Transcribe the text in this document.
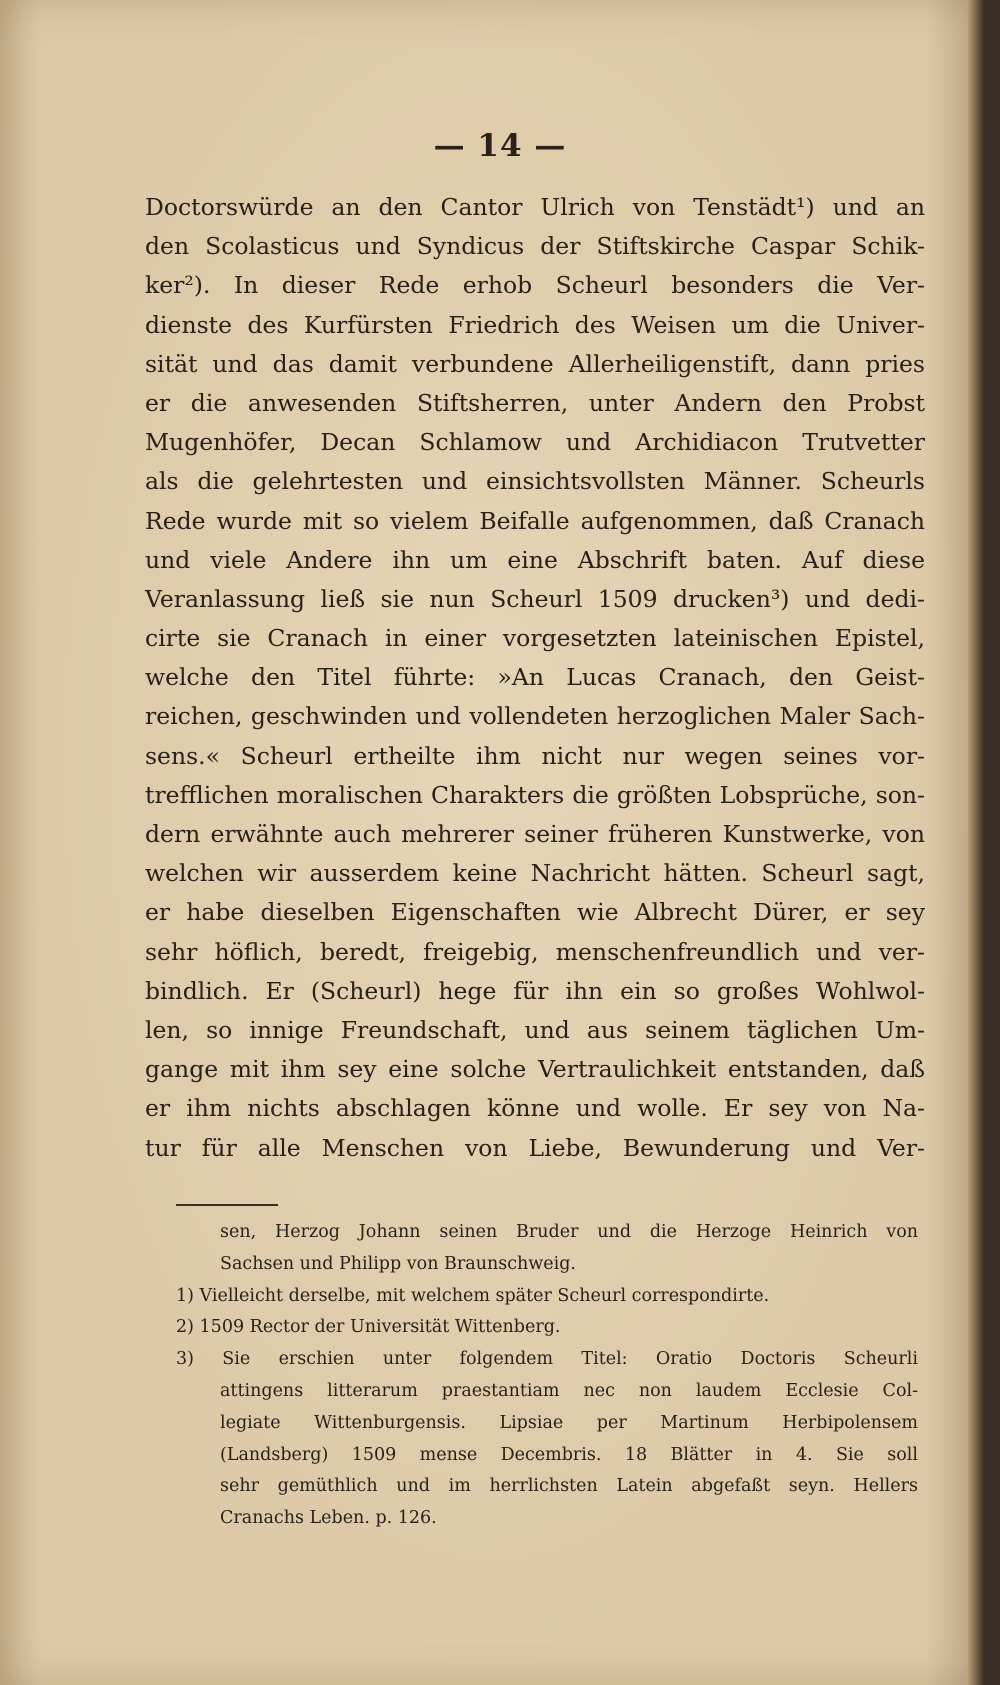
— 14 —
Doctorswürde an den Cantor Ulrich von Tenstädt¹) und an
den Scolasticus und Syndicus der Stiftskirche Caspar Schik-
ker²). In dieser Rede erhob Scheurl besonders die Ver-
dienste des Kurfürsten Friedrich des Weisen um die Univer-
sität und das damit verbundene Allerheiligenstift, dann pries
er die anwesenden Stiftsherren, unter Andern den Probst
Mugenhöfer, Decan Schlamow und Archidiacon Trutvetter
als die gelehrtesten und einsichtsvollsten Männer. Scheurls
Rede wurde mit so vielem Beifalle aufgenommen, daß Cranach
und viele Andere ihn um eine Abschrift baten. Auf diese
Veranlassung ließ sie nun Scheurl 1509 drucken³) und dedi-
cirte sie Cranach in einer vorgesetzten lateinischen Epistel,
welche den Titel führte: »An Lucas Cranach, den Geist-
reichen, geschwinden und vollendeten herzoglichen Maler Sach-
sens.« Scheurl ertheilte ihm nicht nur wegen seines vor-
trefflichen moralischen Charakters die größten Lobsprüche, son-
dern erwähnte auch mehrerer seiner früheren Kunstwerke, von
welchen wir ausserdem keine Nachricht hätten. Scheurl sagt,
er habe dieselben Eigenschaften wie Albrecht Dürer, er sey
sehr höflich, beredt, freigebig, menschenfreundlich und ver-
bindlich. Er (Scheurl) hege für ihn ein so großes Wohlwol-
len, so innige Freundschaft, und aus seinem täglichen Um-
gange mit ihm sey eine solche Vertraulichkeit entstanden, daß
er ihm nichts abschlagen könne und wolle. Er sey von Na-
tur für alle Menschen von Liebe, Bewunderung und Ver-
sen, Herzog Johann seinen Bruder und die Herzoge Heinrich von
Sachsen und Philipp von Braunschweig.
1) Vielleicht derselbe, mit welchem später Scheurl correspondirte.
2) 1509 Rector der Universität Wittenberg.
3) Sie erschien unter folgendem Titel: Oratio Doctoris Scheurli
attingens litterarum praestantiam nec non laudem Ecclesie Col-
legiate Wittenburgensis. Lipsiae per Martinum Herbipolensem
(Landsberg) 1509 mense Decembris. 18 Blätter in 4. Sie soll
sehr gemüthlich und im herrlichsten Latein abgefaßt seyn. Hellers
Cranachs Leben. p. 126.
